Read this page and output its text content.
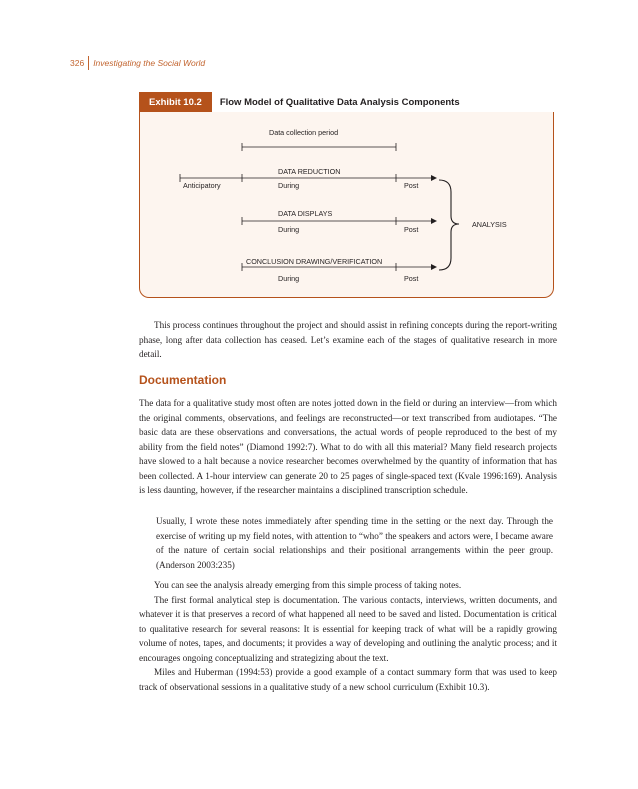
326 Investigating the Social World
Exhibit 10.2	Flow Model of Qualitative Data Analysis Components
Data collection period
DATA REDUCTION
Anticipatory	During	Post
DATA DISPLAYS
During	Post
CONCLUSION DRAWING/VERIFICATION
During	Post
ANALYSIS

This process continues throughout the project and should assist in refining concepts during the report-writing phase, long after data collection has ceased. Let’s examine each of the stages of qualitative research in more detail.

Documentation

The data for a qualitative study most often are notes jotted down in the field or during an interview—from which the original comments, observations, and feelings are reconstructed—or text transcribed from audiotapes. “The basic data are these observations and conversations, the actual words of people reproduced to the best of my ability from the field notes” (Diamond 1992:7). What to do with all this material? Many field research projects have slowed to a halt because a novice researcher becomes overwhelmed by the quantity of information that has been collected. A 1-hour interview can generate 20 to 25 pages of single-spaced text (Kvale 1996:169). Analysis is less daunting, however, if the researcher maintains a disciplined transcription schedule.

Usually, I wrote these notes immediately after spending time in the setting or the next day. Through the exercise of writing up my field notes, with attention to “who” the speakers and actors were, I became aware of the nature of certain social relationships and their positional arrangements within the peer group. (Anderson 2003:235)

You can see the analysis already emerging from this simple process of taking notes.

The first formal analytical step is documentation. The various contacts, interviews, written documents, and whatever it is that preserves a record of what happened all need to be saved and listed. Documentation is critical to qualitative research for several reasons: It is essential for keeping track of what will be a rapidly growing volume of notes, tapes, and documents; it provides a way of developing and outlining the analytic process; and it encourages ongoing conceptualizing and strategizing about the text.

Miles and Huberman (1994:53) provide a good example of a contact summary form that was used to keep track of observational sessions in a qualitative study of a new school curriculum (Exhibit 10.3).
